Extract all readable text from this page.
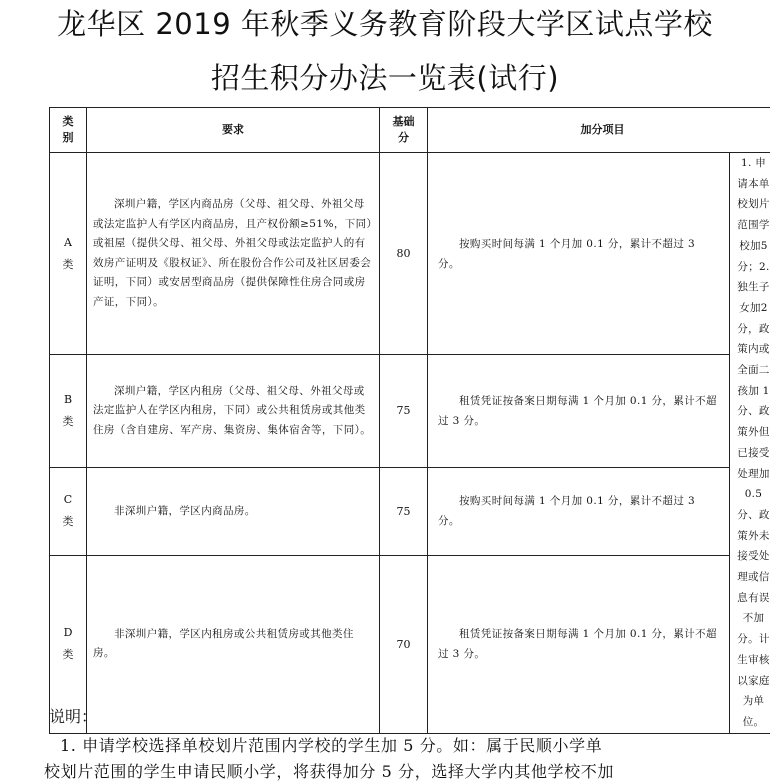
龙华区 2019 年秋季义务教育阶段大学区试点学校
招生积分办法一览表(试行)
类别	要求	基础分	加分项目	
A类	深圳户籍，学区内商品房（父母、祖父母、外祖父母或法定监护人有学区内商品房，且产权份额≥51%，下同）或祖屋（提供父母、祖父母、外祖父母或法定监护人的有效房产证明及《股权证》、所在股份合作公司及社区居委会证明，下同）或安居型商品房（提供保障性住房合同或房产证，下同）。	80	按购买时间每满 1 个月加 0.1 分，累计不超过 3 分。	1. 申请本单校划片范围学校加5分；2. 独生子女加2分，政策内或全面二孩加 1 分、政策外但已接受处理加 0.5 分、政策外未接受处理或信息有误不加分。计生审核以家庭为单位。
B类	深圳户籍，学区内租房（父母、祖父母、外祖父母或法定监护人在学区内租房，下同）或公共租赁房或其他类住房（含自建房、军产房、集资房、集体宿舍等，下同）。	75	租赁凭证按备案日期每满 1 个月加 0.1 分，累计不超过 3 分。	
C类	非深圳户籍，学区内商品房。	75	按购买时间每满 1 个月加 0.1 分，累计不超过 3 分。	
D类	非深圳户籍，学区内租房或公共租赁房或其他类住房。	70	租赁凭证按备案日期每满 1 个月加 0.1 分，累计不超过 3 分。	
说明：
1. 申请学校选择单校划片范围内学校的学生加 5 分。如：属于民顺小学单
校划片范围的学生申请民顺小学，将获得加分 5 分，选择大学内其他学校不加
